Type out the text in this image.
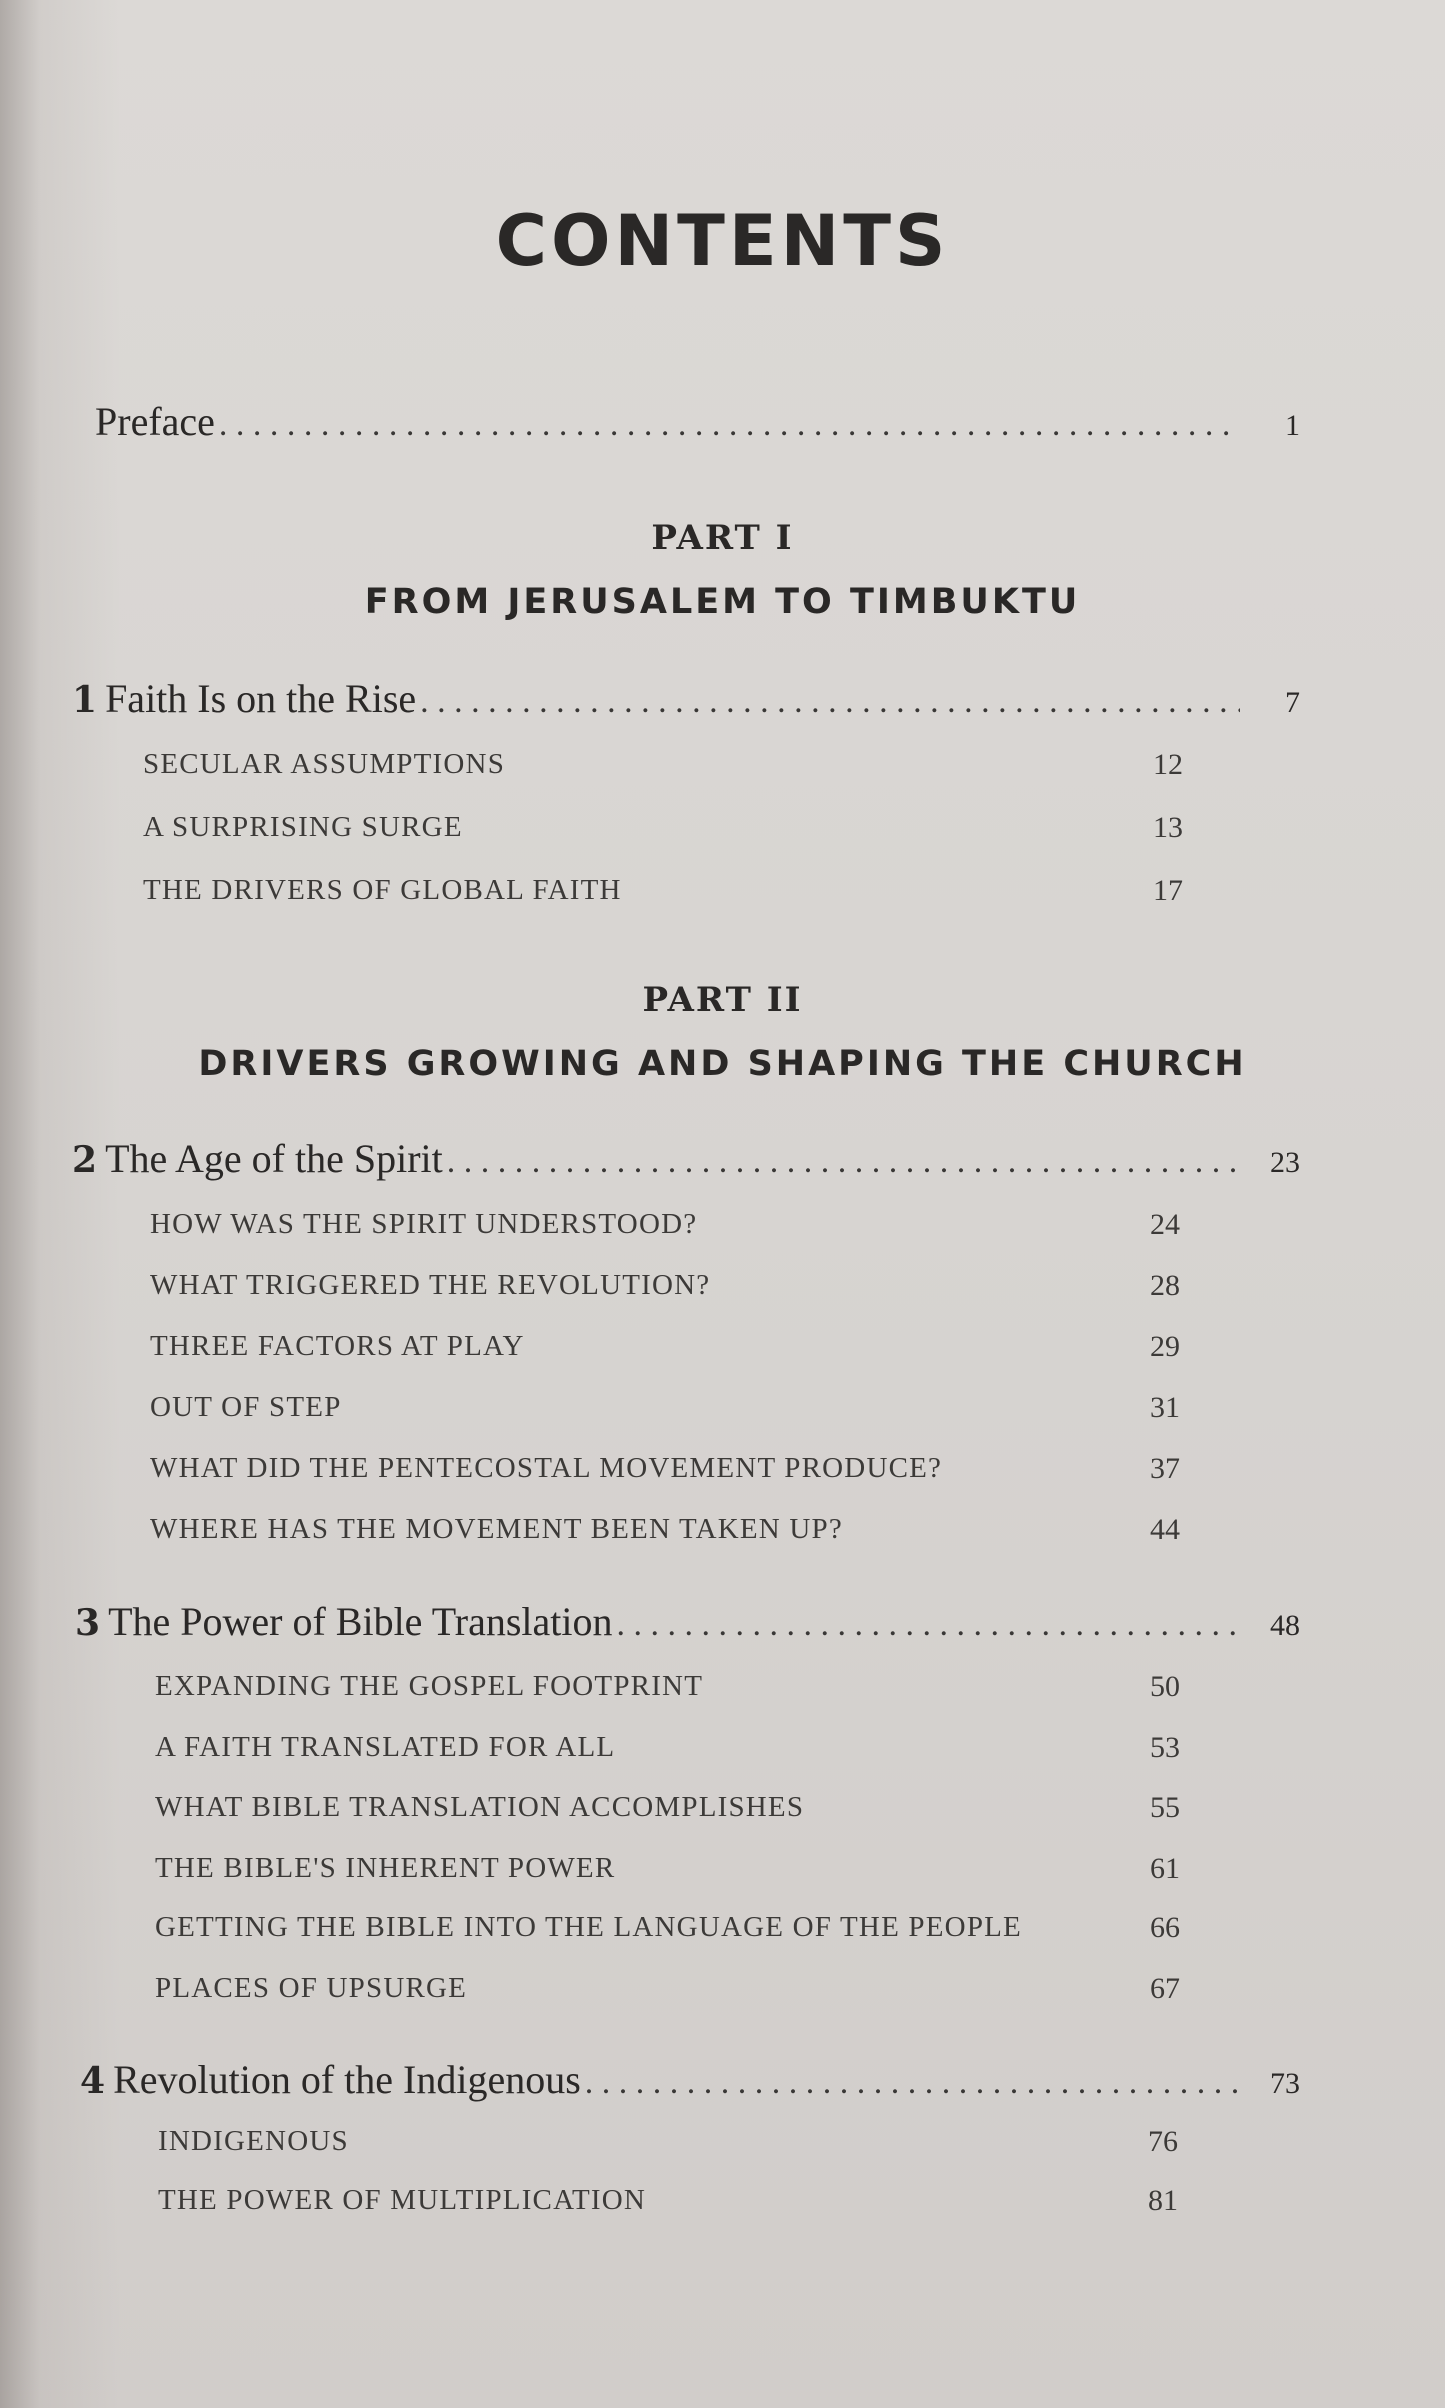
CONTENTS
Preface . . .	1
PART I
FROM JERUSALEM TO TIMBUKTU
1 Faith Is on the Rise . . .	7
SECULAR ASSUMPTIONS	12
A SURPRISING SURGE	13
THE DRIVERS OF GLOBAL FAITH	17
PART II
DRIVERS GROWING AND SHAPING THE CHURCH
2 The Age of the Spirit . . .	23
HOW WAS THE SPIRIT UNDERSTOOD?	24
WHAT TRIGGERED THE REVOLUTION?	28
THREE FACTORS AT PLAY	29
OUT OF STEP	31
WHAT DID THE PENTECOSTAL MOVEMENT PRODUCE?	37
WHERE HAS THE MOVEMENT BEEN TAKEN UP?	44
3 The Power of Bible Translation . . .	48
EXPANDING THE GOSPEL FOOTPRINT	50
A FAITH TRANSLATED FOR ALL	53
WHAT BIBLE TRANSLATION ACCOMPLISHES	55
THE BIBLE'S INHERENT POWER	61
GETTING THE BIBLE INTO THE LANGUAGE OF THE PEOPLE	66
PLACES OF UPSURGE	67
4 Revolution of the Indigenous . . .	73
INDIGENOUS	76
THE POWER OF MULTIPLICATION	81
